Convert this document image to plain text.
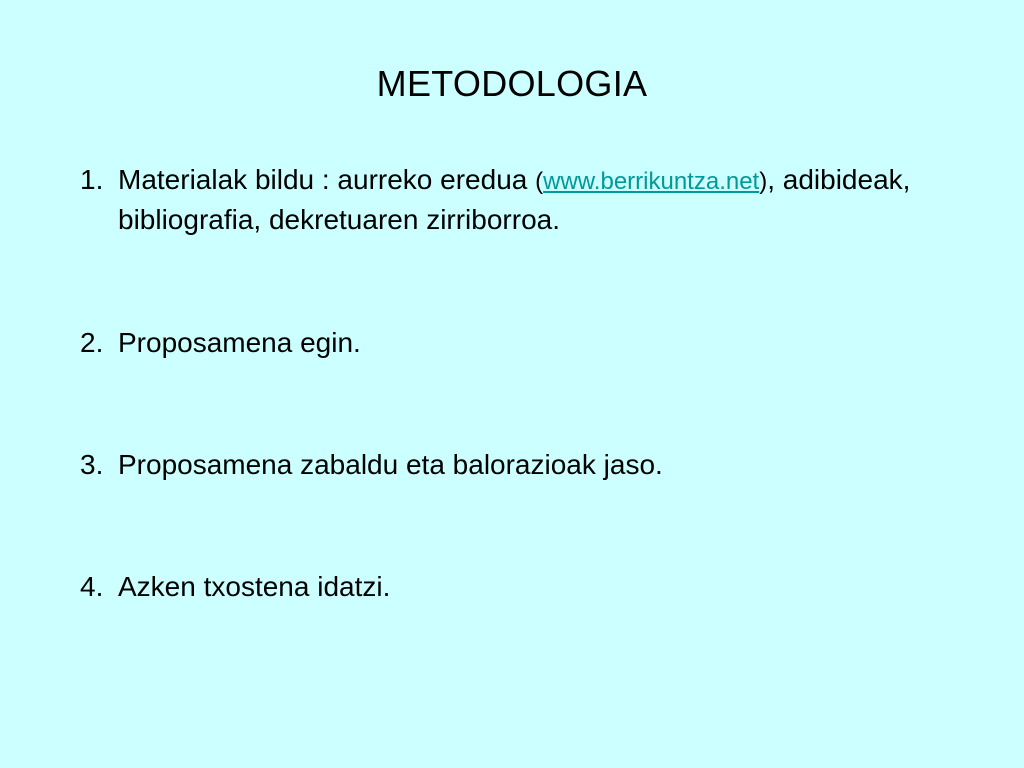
METODOLOGIA
1. Materialak bildu : aurreko eredua (www.berrikuntza.net), adibideak, bibliografia, dekretuaren zirriborroa.
2. Proposamena egin.
3. Proposamena zabaldu eta balorazioak jaso.
4. Azken txostena idatzi.
